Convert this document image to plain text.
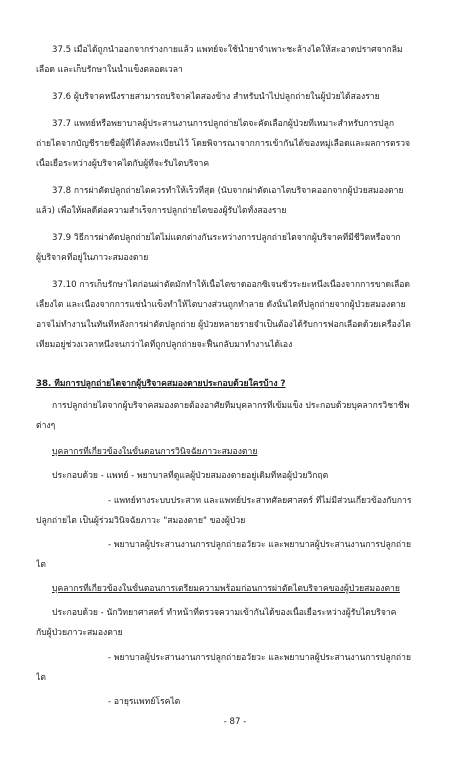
- 87 -
37.5 เมื่อได้ถูกนำออกจากร่างกายแล้ว แพทย์จะใช้น้ำยาจำเพาะชะล้างไตให้สะอาดปราศจากลิ่ม
เลือด และเก็บรักษาในน้ำแข็งตลอดเวลา
37.6 ผู้บริจาคหนึ่งรายสามารถบริจาคไตสองข้าง สำหรับนำไปปลูกถ่ายในผู้ป่วยได้สองราย
37.7 แพทย์หรือพยาบาลผู้ประสานงานการปลูกถ่ายไตจะคัดเลือกผู้ป่วยที่เหมาะสำหรับการปลูก
ถ่ายไตจากบัญชีรายชื่อผู้ที่ได้ลงทะเบียนไว้ โดยพิจารณาจากการเข้ากันได้ของหมู่เลือดและผลการตรวจ
เนื้อเยื่อระหว่างผู้บริจาคไตกับผู้ที่จะรับไตบริจาค
37.8 การผ่าตัดปลูกถ่ายไตควรทำให้เร็วที่สุด (นับจากผ่าตัดเอาไตบริจาคออกจากผู้ป่วยสมองตาย
แล้ว) เพื่อให้ผลดีต่อความสำเร็จการปลูกถ่ายไตของผู้รับไตทั้งสองราย
37.9 วิธีการผ่าตัดปลูกถ่ายไตไม่แตกต่างกันระหว่างการปลูกถ่ายไตจากผู้บริจาคที่มีชีวิตหรือจาก
ผู้บริจาคที่อยู่ในภาวะสมองตาย
37.10 การเก็บรักษาไตก่อนผ่าตัดมักทำให้เนื้อไตขาดออกซิเจนชั่วระยะหนึ่งเนื่องจากการขาดเลือด
เลี้ยงไต และเนื่องจากการแช่น้ำแข็งทำให้ไตบางส่วนถูกทำลาย ดังนั้นไตที่ปลูกถ่ายจากผู้ป่วยสมองตาย
อาจไม่ทำงานในทันทีหลังการผ่าตัดปลูกถ่าย ผู้ป่วยหลายรายจำเป็นต้องได้รับการฟอกเลือดด้วยเครื่องไต
เทียมอยู่ช่วงเวลาหนึ่งจนกว่าไตที่ถูกปลูกถ่ายจะฟื้นกลับมาทำงานได้เอง
38. ทีมการปลูกถ่ายไตจากผู้บริจาคสมองตายประกอบด้วยใครบ้าง ?
การปลูกถ่ายไตจากผู้บริจาคสมองตายต้องอาศัยทีมบุคลากรที่เข้มแข็ง ประกอบด้วยบุคลากรวิชาชีพ
ต่างๆ
บุคลากรที่เกี่ยวข้องในขั้นตอนการวินิจฉัยภาวะสมองตาย
ประกอบด้วย - แพทย์ - พยาบาลที่ดูแลผู้ป่วยสมองตายอยู่เดิมที่หอผู้ป่วยวิกฤต
- แพทย์ทางระบบประสาท และแพทย์ประสาทศัลยศาสตร์ ที่ไม่มีส่วนเกี่ยวข้องกับการ
ปลูกถ่ายไต เป็นผู้ร่วมวินิจฉัยภาวะ "สมองตาย" ของผู้ป่วย
- พยาบาลผู้ประสานงานการปลูกถ่ายอวัยวะ และพยาบาลผู้ประสานงานการปลูกถ่าย
ไต
บุคลากรที่เกี่ยวข้องในขั้นตอนการเตรียมความพร้อมก่อนการผ่าตัดไตบริจาคของผู้ป่วยสมองตาย
ประกอบด้วย - นักวิทยาศาสตร์ ทำหน้าที่ตรวจความเข้ากันได้ของเนื้อเยื่อระหว่างผู้รับไตบริจาค
กับผู้ป่วยภาวะสมองตาย
- พยาบาลผู้ประสานงานการปลูกถ่ายอวัยวะ และพยาบาลผู้ประสานงานการปลูกถ่าย
ไต
- อายุรแพทย์โรคไต
